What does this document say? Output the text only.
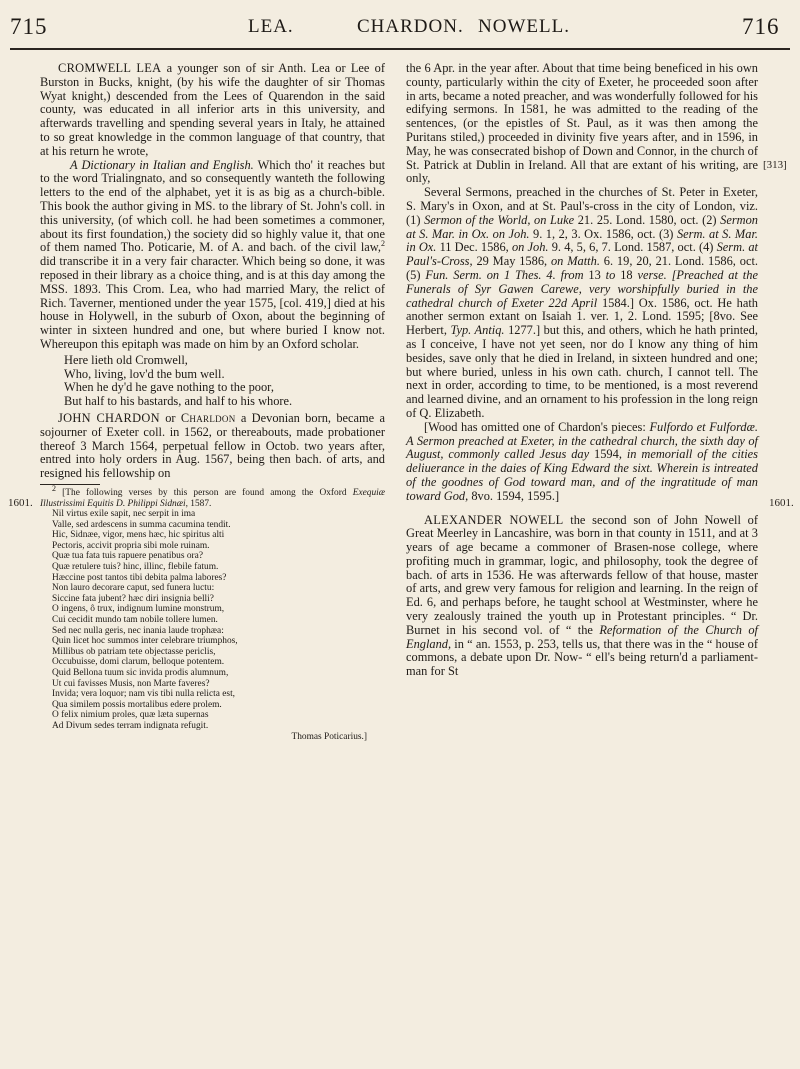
715	LEA.	CHARDON. NOWELL.	716
1601.	1601.
[313]

CROMWELL LEA a younger son of sir Anth. Lea or Lee of Burston in Bucks, knight, (by his wife the daughter of sir Thomas Wyat knight,) descended from the Lees of Quarendon in the said county, was educated in all inferior arts in this university, and afterwards travelling and spending several years in Italy, he attained to so great knowledge in the common language of that country, that at his return he wrote,

A Dictionary in Italian and English. Which tho' it reaches but to the word Trialingnato, and so consequently wanteth the following letters to the end of the alphabet, yet it is as big as a church-bible. This book the author giving in MS. to the library of St. John's coll. in this university, (of which coll. he had been sometimes a commoner, about its first foundation,) the society did so highly value it, that one of them named Tho. Poticarie, M. of A. and bach. of the civil law,$^2$ did transcribe it in a very fair character. Which being so done, it was reposed in their library as a choice thing, and is at this day among the MSS. 1893. This Crom. Lea, who had married Mary, the relict of Rich. Taverner, mentioned under the year 1575, [col. 419,] died at his house in Holywell, in the suburb of Oxon, about the beginning of winter in sixteen hundred and one, but where buried I know not. Whereupon this epitaph was made on him by an Oxford scholar.

Here lieth old Cromwell,
Who, living, lov'd the bum well.
When he dy'd he gave nothing to the poor,
But half to his bastards, and half to his whore.

JOHN CHARDON or Charldon a Devonian born, became a sojourner of Exeter coll. in 1562, or thereabouts, made probationer thereof 3 March 1564, perpetual fellow in Octob. two years after, entred into holy orders in Aug. 1567, being then bach. of arts, and resigned his fellowship on

2 [The following verses by this person are found among the Oxford Exequiæ Illustrissimi Equitis D. Philippi Sidnæi, 1587.

Nil virtus exile sapit, nec serpit in ima
Valle, sed ardescens in summa cacumina tendit.
Hic, Sidnæe, vigor, mens hæc, hic spiritus alti
Pectoris, accivit propria sibi mole ruinam.
Quæ tua fata tuis rapuere penatibus ora?
Quæ retulere tuis? hinc, illinc, flebile fatum.
Hæccine post tantos tibi debita palma labores?
Non lauro decorare caput, sed funera luctu:
Siccine fata jubent? hæc diri insignia belli?
O ingens, ô trux, indignum lumine monstrum,
Cui cecidit mundo tam nobile tollere lumen.
Sed nec nulla geris, nec inania laude trophæa:
Quin licet hoc summos inter celebrare triumphos,
Millibus ob patriam tete objectasse periclis,
Occubuisse, domi clarum, belloque potentem.
Quid Bellona tuum sic invida prodis alumnum,
Ut cui favisses Musis, non Marte faveres?
Invida; vera loquor; nam vis tibi nulla relicta est,
Qua similem possis mortalibus edere prolem.
O felix nimium proles, quæ læta supernas
Ad Divum sedes terram indignata refugit.
Thomas Poticarius.]

the 6 Apr. in the year after. About that time being beneficed in his own county, particularly within the city of Exeter, he proceeded soon after in arts, became a noted preacher, and was wonderfully followed for his edifying sermons. In 1581, he was admitted to the reading of the sentences, (or the epistles of St. Paul, as it was then among the Puritans stiled,) proceeded in divinity five years after, and in 1596, in May, he was consecrated bishop of Down and Connor, in the church of St. Patrick at Dublin in Ireland. All that are extant of his writing, are only,

Several Sermons, preached in the churches of St. Peter in Exeter, S. Mary's in Oxon, and at St. Paul's-cross in the city of London, viz. (1) Sermon of the World, on Luke 21. 25. Lond. 1580, oct. (2) Sermon at S. Mar. in Ox. on Joh. 9. 1, 2, 3. Ox. 1586, oct. (3) Serm. at S. Mar. in Ox. 11 Dec. 1586, on Joh. 9. 4, 5, 6, 7. Lond. 1587, oct. (4) Serm. at Paul's-Cross, 29 May 1586, on Matth. 6. 19, 20, 21. Lond. 1586, oct. (5) Fun. Serm. on 1 Thes. 4. from 13 to 18 verse. [Preached at the Funerals of Syr Gawen Carewe, very worshipfully buried in the cathedral church of Exeter 22d April 1584.] Ox. 1586, oct. He hath another sermon extant on Isaiah 1. ver. 1, 2. Lond. 1595; [8vo. See Herbert, Typ. Antiq. 1277.] but this, and others, which he hath printed, as I conceive, I have not yet seen, nor do I know any thing of him besides, save only that he died in Ireland, in sixteen hundred and one; but where buried, unless in his own cath. church, I cannot tell. The next in order, according to time, to be mentioned, is a most reverend and learned divine, and an ornament to his profession in the long reign of Q. Elizabeth.

[Wood has omitted one of Chardon's pieces: Fulfordo et Fulfordæ. A Sermon preached at Exeter, in the cathedral church, the sixth day of August, commonly called Jesus day 1594, in memoriall of the cities deliuerance in the daies of King Edward the sixt. Wherein is intreated of the goodnes of God toward man, and of the ingratitude of man toward God, 8vo. 1594, 1595.]

ALEXANDER NOWELL the second son of John Nowell of Great Meerley in Lancashire, was born in that county in 1511, and at 3 years of age became a commoner of Brasen-nose college, where profiting much in grammar, logic, and philosophy, took the degree of bach. of arts in 1536. He was afterwards fellow of that house, master of arts, and grew very famous for religion and learning. In the reign of Ed. 6, and perhaps before, he taught school at Westminster, where he very zealously trained the youth up in Protestant principles. “ Dr. Burnet in his second vol. of “ the Reformation of the Church of England, in “ an. 1553, p. 253, tells us, that there was in the “ house of commons, a debate upon Dr. Now- “ ell's being return'd a parliament-man for St
